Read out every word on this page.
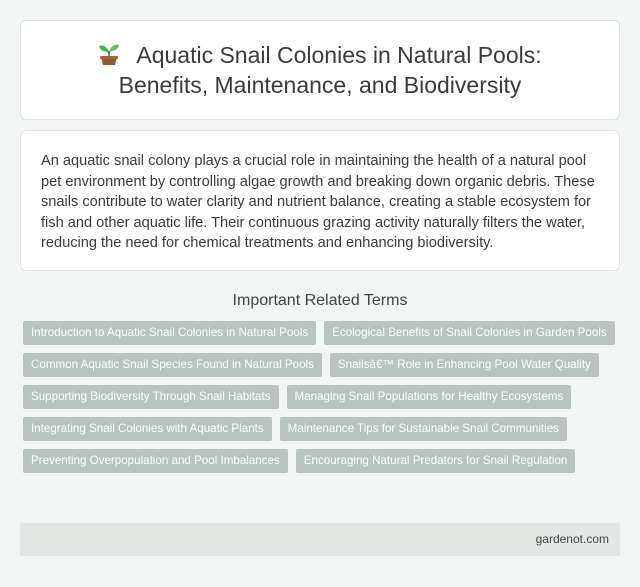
Aquatic Snail Colonies in Natural Pools: Benefits, Maintenance, and Biodiversity

An aquatic snail colony plays a crucial role in maintaining the health of a natural pool pet environment by controlling algae growth and breaking down organic debris. These snails contribute to water clarity and nutrient balance, creating a stable ecosystem for fish and other aquatic life. Their continuous grazing activity naturally filters the water, reducing the need for chemical treatments and enhancing biodiversity.

Important Related Terms
Introduction to Aquatic Snail Colonies in Natural Pools	Ecological Benefits of Snail Colonies in Garden Pools
Common Aquatic Snail Species Found in Natural Pools	Snailsâ€™ Role in Enhancing Pool Water Quality
Supporting Biodiversity Through Snail Habitats	Managing Snail Populations for Healthy Ecosystems
Integrating Snail Colonies with Aquatic Plants	Maintenance Tips for Sustainable Snail Communities
Preventing Overpopulation and Pool Imbalances	Encouraging Natural Predators for Snail Regulation
gardenot.com
